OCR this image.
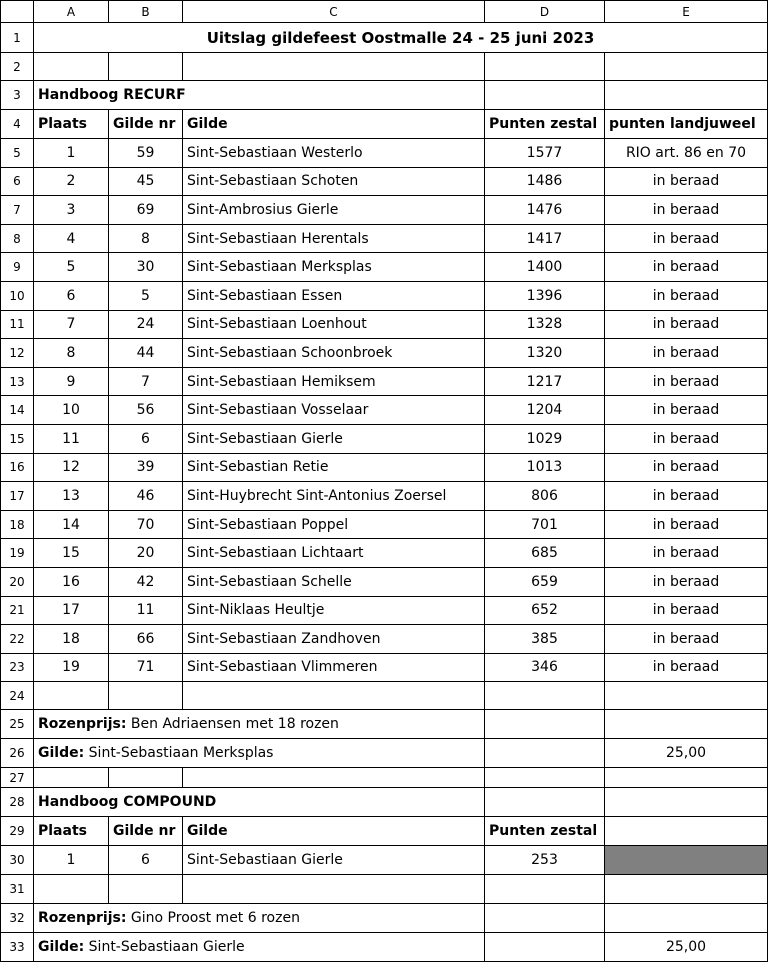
	A	B	C	D	E
1	Uitslag gildefeest Oostmalle 24 - 25 juni 2023				
2					
3	Handboog RECURF				
4	Plaats	Gilde nr	Gilde	Punten zestal	punten landjuweel
5	1	59	Sint-Sebastiaan Westerlo	1577	RIO art. 86 en 70
6	2	45	Sint-Sebastiaan Schoten	1486	in beraad
7	3	69	Sint-Ambrosius Gierle	1476	in beraad
8	4	8	Sint-Sebastiaan Herentals	1417	in beraad
9	5	30	Sint-Sebastiaan Merksplas	1400	in beraad
10	6	5	Sint-Sebastiaan Essen	1396	in beraad
11	7	24	Sint-Sebastiaan Loenhout	1328	in beraad
12	8	44	Sint-Sebastiaan Schoonbroek	1320	in beraad
13	9	7	Sint-Sebastiaan Hemiksem	1217	in beraad
14	10	56	Sint-Sebastiaan Vosselaar	1204	in beraad
15	11	6	Sint-Sebastiaan Gierle	1029	in beraad
16	12	39	Sint-Sebastian Retie	1013	in beraad
17	13	46	Sint-Huybrecht Sint-Antonius Zoersel	806	in beraad
18	14	70	Sint-Sebastiaan Poppel	701	in beraad
19	15	20	Sint-Sebastiaan Lichtaart	685	in beraad
20	16	42	Sint-Sebastiaan Schelle	659	in beraad
21	17	11	Sint-Niklaas Heultje	652	in beraad
22	18	66	Sint-Sebastiaan Zandhoven	385	in beraad
23	19	71	Sint-Sebastiaan Vlimmeren	346	in beraad
24					
25	Rozenprijs: Ben Adriaensen met 18 rozen				
26	Gilde: Sint-Sebastiaan Merksplas				25,00
27					
28	Handboog COMPOUND				
29	Plaats	Gilde nr	Gilde	Punten zestal	
30	1	6	Sint-Sebastiaan Gierle	253	
31					
32	Rozenprijs: Gino Proost met 6 rozen				
33	Gilde: Sint-Sebastiaan Gierle				25,00
